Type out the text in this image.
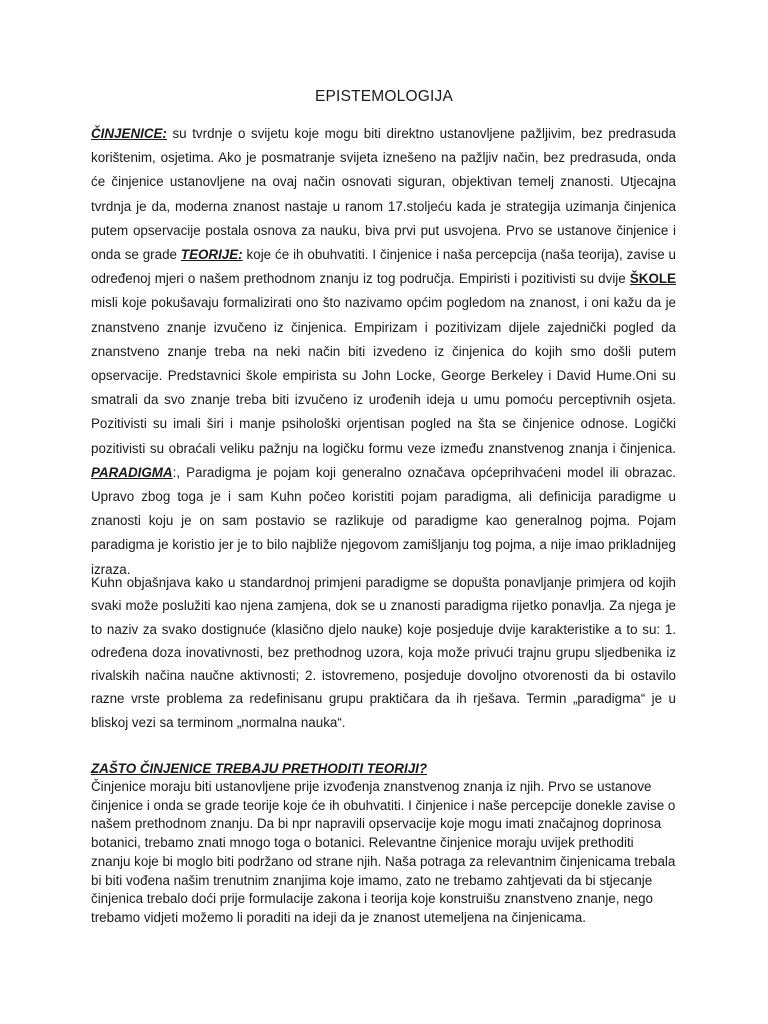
EPISTEMOLOGIJA

ČINJENICE: su tvrdnje o svijetu koje mogu biti direktno ustanovljene pažljivim, bez predrasuda korištenim, osjetima. Ako je posmatranje svijeta iznešeno na pažljiv način, bez predrasuda, onda će činjenice ustanovljene na ovaj način osnovati siguran, objektivan temelj znanosti. Utjecajna tvrdnja je da, moderna znanost nastaje u ranom 17.stoljeću kada je strategija uzimanja činjenica putem opservacije postala osnova za nauku, biva prvi put usvojena. Prvo se ustanove činjenice i onda se grade TEORIJE: koje će ih obuhvatiti. I činjenice i naša percepcija (naša teorija), zavise u određenoj mjeri o našem prethodnom znanju iz tog područja. Empiristi i pozitivisti su dvije ŠKOLE misli koje pokušavaju formalizirati ono što nazivamo općim pogledom na znanost, i oni kažu da je znanstveno znanje izvučeno iz činjenica. Empirizam i pozitivizam dijele zajednički pogled da znanstveno znanje treba na neki način biti izvedeno iz činjenica do kojih smo došli putem opservacije. Predstavnici škole empirista su John Locke, George Berkeley i David Hume.Oni su smatrali da svo znanje treba biti izvučeno iz urođenih ideja u umu pomoću perceptivnih osjeta. Pozitivisti su imali širi i manje psihološki orjentisan pogled na šta se činjenice odnose. Logički pozitivisti su obraćali veliku pažnju na logičku formu veze između znanstvenog znanja i činjenica. PARADIGMA:, Paradigma je pojam koji generalno označava općeprihvaćeni model ili obrazac. Upravo zbog toga je i sam Kuhn počeo koristiti pojam paradigma, ali definicija paradigme u znanosti koju je on sam postavio se razlikuje od paradigme kao generalnog pojma. Pojam paradigma je koristio jer je to bilo najbliže njegovom zamišljanju tog pojma, a nije imao prikladnijeg izraza.

Kuhn objašnjava kako u standardnoj primjeni paradigme se dopušta ponavljanje primjera od kojih svaki može poslužiti kao njena zamjena, dok se u znanosti paradigma rijetko ponavlja. Za njega je to naziv za svako dostignuće (klasično djelo nauke) koje posjeduje dvije karakteristike a to su: 1. određena doza inovativnosti, bez prethodnog uzora, koja može privući trajnu grupu sljedbenika iz rivalskih načina naučne aktivnosti; 2. istovremeno, posjeduje dovoljno otvorenosti da bi ostavilo razne vrste problema za redefinisanu grupu praktičara da ih rješava. Termin „paradigma“ je u bliskoj vezi sa terminom „normalna nauka“.

ZAŠTO ČINJENICE TREBAJU PRETHODITI TEORIJI?

Činjenice moraju biti ustanovljene prije izvođenja znanstvenog znanja iz njih. Prvo se ustanove činjenice i onda se grade teorije koje će ih obuhvatiti. I činjenice i naše percepcije donekle zavise o našem prethodnom znanju. Da bi npr napravili opservacije koje mogu imati značajnog doprinosa botanici, trebamo znati mnogo toga o botanici. Relevantne činjenice moraju uvijek prethoditi znanju koje bi moglo biti podržano od strane njih. Naša potraga za relevantnim činjenicama trebala bi biti vođena našim trenutnim znanjima koje imamo, zato ne trebamo zahtjevati da bi stjecanje činjenica trebalo doći prije formulacije zakona i teorija koje konstruišu znanstveno znanje, nego trebamo vidjeti možemo li poraditi na ideji da je znanost utemeljena na činjenicama.
